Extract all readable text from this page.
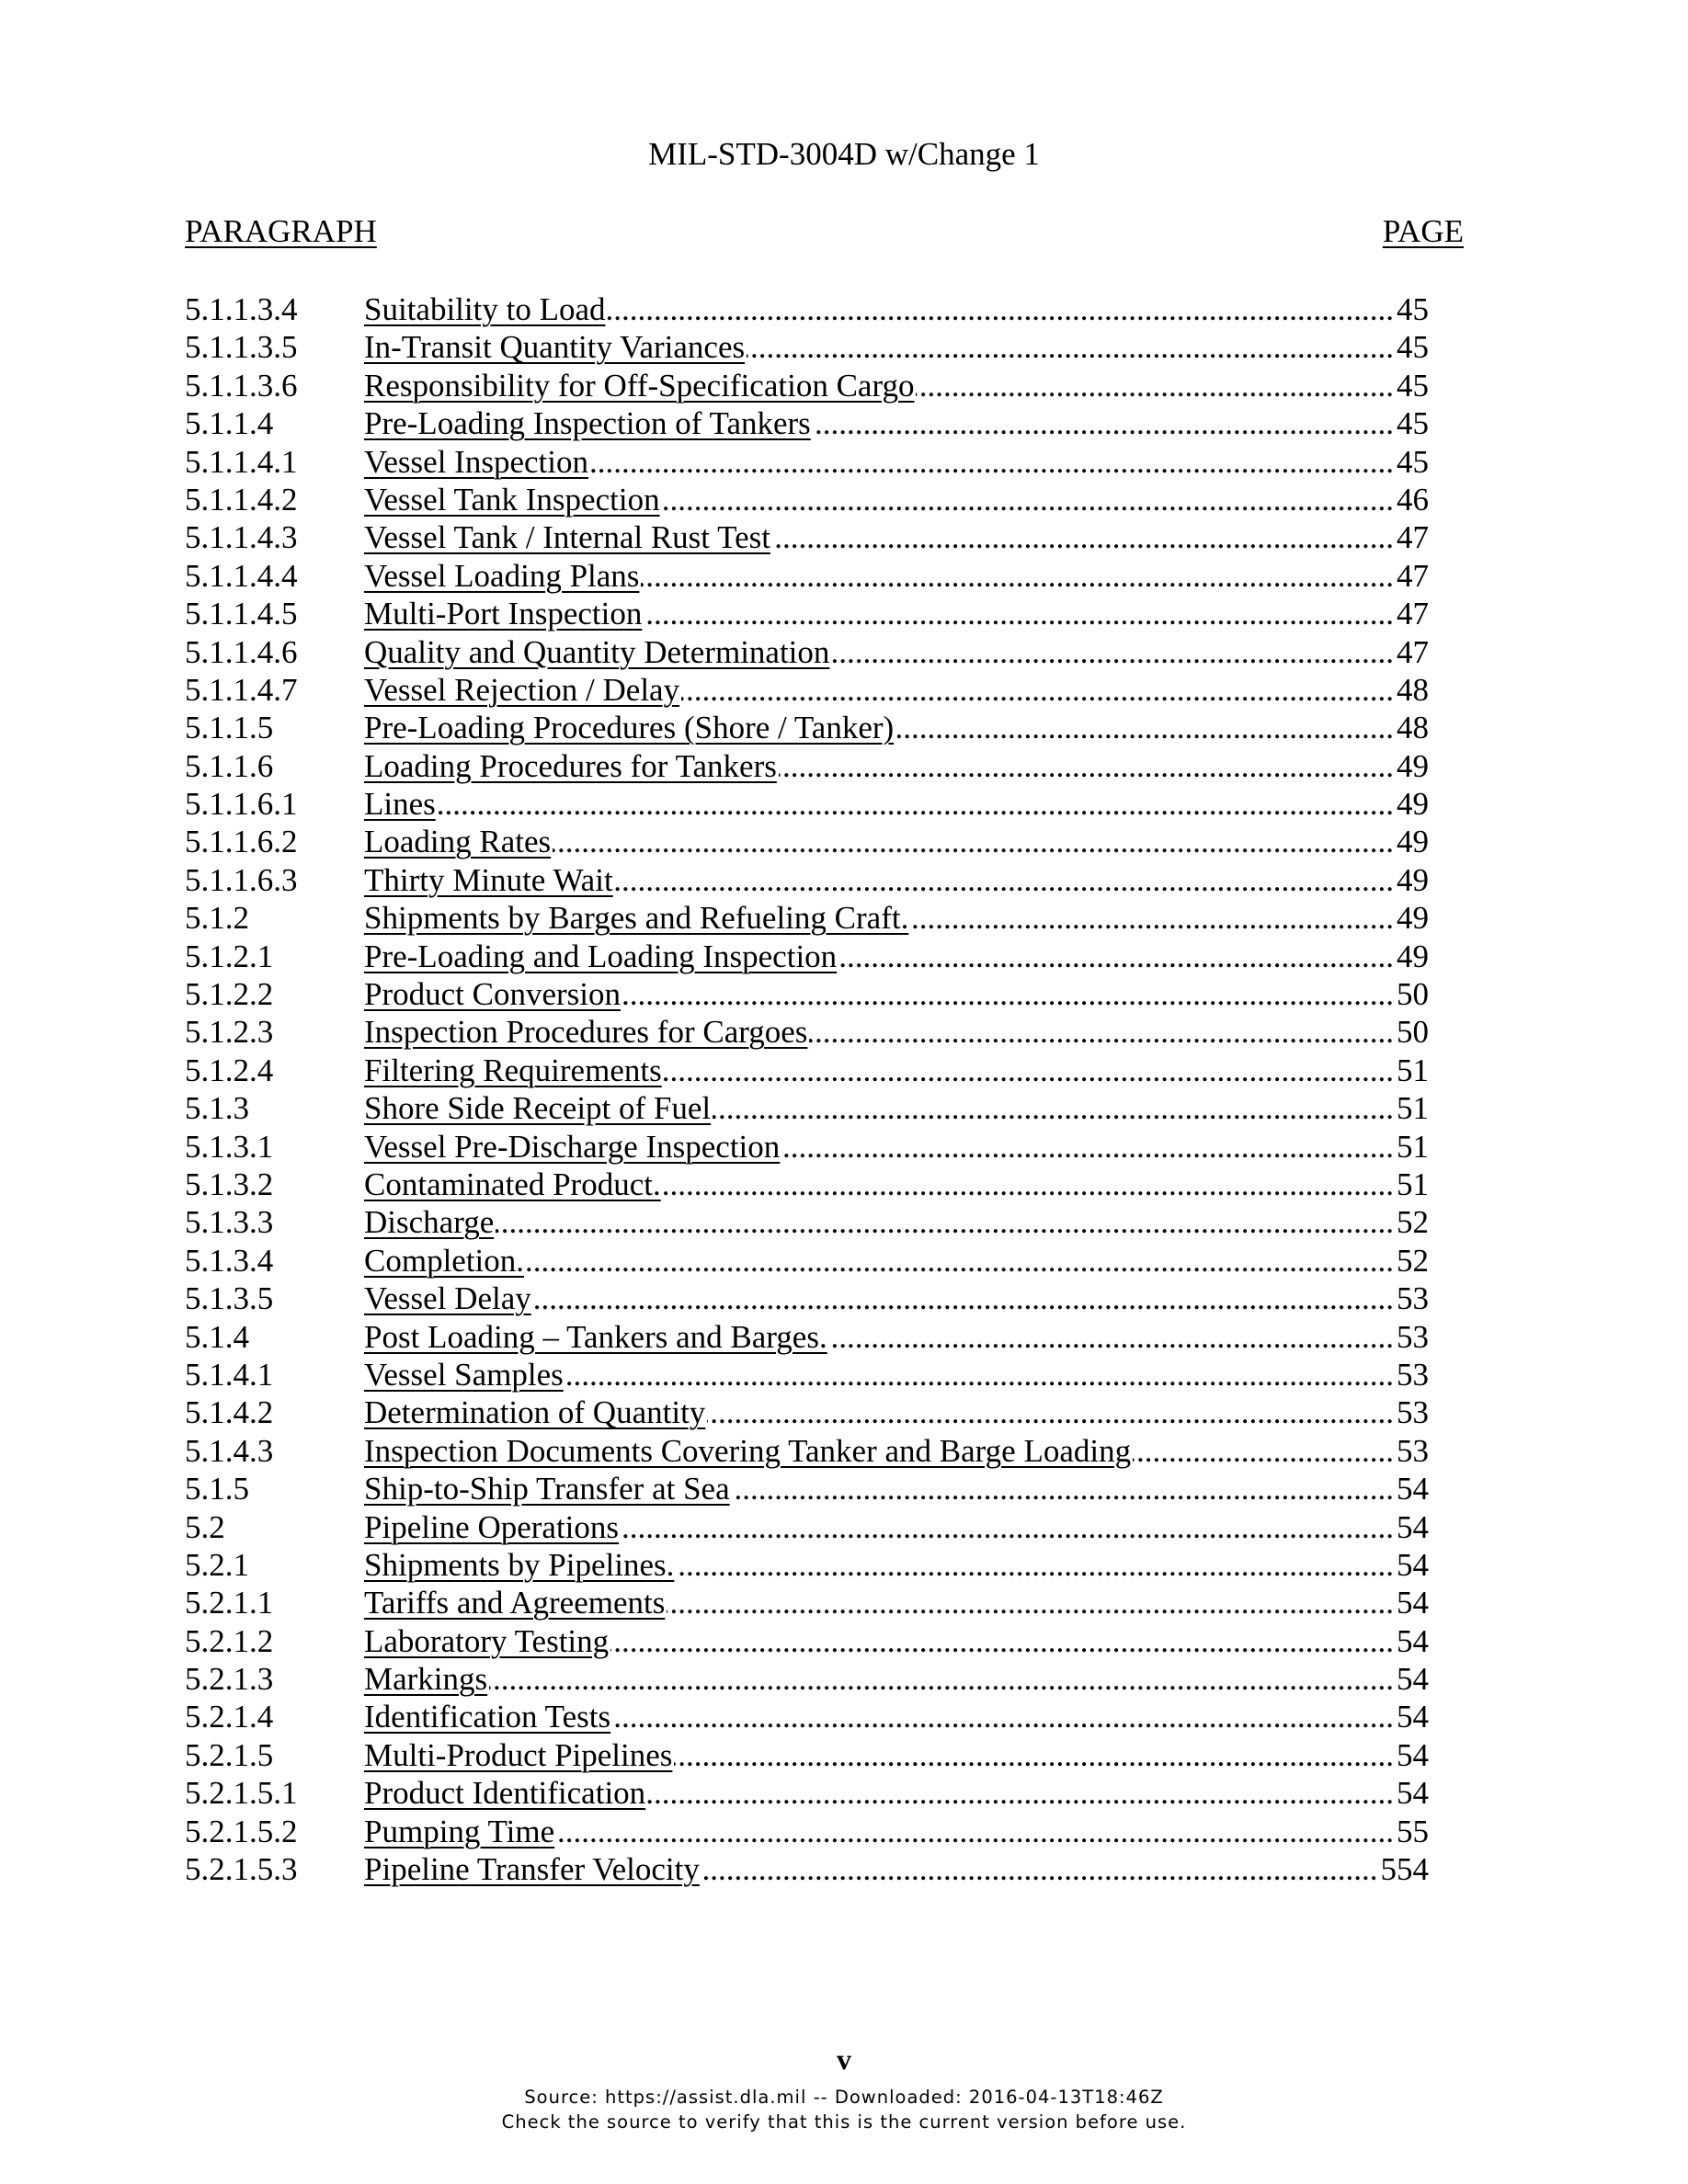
MIL-STD-3004D w/Change 1
PARAGRAPH	PAGE
5.1.1.3.4 Suitability to Load	45
.....
5.1.1.3.5 In-Transit Quantity Variances	45
.....
5.1.1.3.6 Responsibility for Off-Specification Cargo	45
.....
5.1.1.4	Pre-Loading Inspection of Tankers	45
.....
5.1.1.4.1 Vessel Inspection	45
.....
5.1.1.4.2 Vessel Tank Inspection	46
.....
5.1.1.4.3 Vessel Tank / Internal Rust Test	47
.....
5.1.1.4.4 Vessel Loading Plans	47
.....
5.1.1.4.5 Multi-Port Inspection	47
.....
5.1.1.4.6 Quality and Quantity Determination	47
.....
5.1.1.4.7 Vessel Rejection / Delay	48
.....
5.1.1.5	Pre-Loading Procedures (Shore / Tanker)	48
.....
5.1.1.6	Loading Procedures for Tankers	49
.....
5.1.1.6.1 Lines	49
.....
5.1.1.6.2 Loading Rates	49
.....
5.1.1.6.3 Thirty Minute Wait	49
.....
5.1.2	Shipments by Barges and Refueling Craft.	49
.....
5.1.2.1	Pre-Loading and Loading Inspection	49
.....
5.1.2.2	Product Conversion	50
.....
5.1.2.3	Inspection Procedures for Cargoes	50
.....
5.1.2.4	Filtering Requirements	51
.....
5.1.3	Shore Side Receipt of Fuel	51
.....
5.1.3.1	Vessel Pre-Discharge Inspection	51
.....
5.1.3.2	Contaminated Product.	51
.....
5.1.3.3	Discharge	52
.....
5.1.3.4	Completion.	52
.....
5.1.3.5	Vessel Delay	53
.....
5.1.4	Post Loading – Tankers and Barges.	53
.....
5.1.4.1	Vessel Samples	53
.....
5.1.4.2	Determination of Quantity	53
.....
5.1.4.3	Inspection Documents Covering Tanker and Barge Loading	53
.....
5.1.5	Ship-to-Ship Transfer at Sea	54
.....
5.2	Pipeline Operations	54
.....
5.2.1	Shipments by Pipelines.	54
.....
5.2.1.1	Tariffs and Agreements	54
.....
5.2.1.2	Laboratory Testing	54
.....
5.2.1.3	Markings	54
.....
5.2.1.4	Identification Tests	54
.....
5.2.1.5	Multi-Product Pipelines	54
.....
5.2.1.5.1 Product Identification	54
.....
5.2.1.5.2 Pumping Time	55
.....
5.2.1.5.3 Pipeline Transfer Velocity	554
.....
v
Source: https://assist.dla.mil -- Downloaded: 2016-04-13T18:46Z
Check the source to verify that this is the current version before use.
